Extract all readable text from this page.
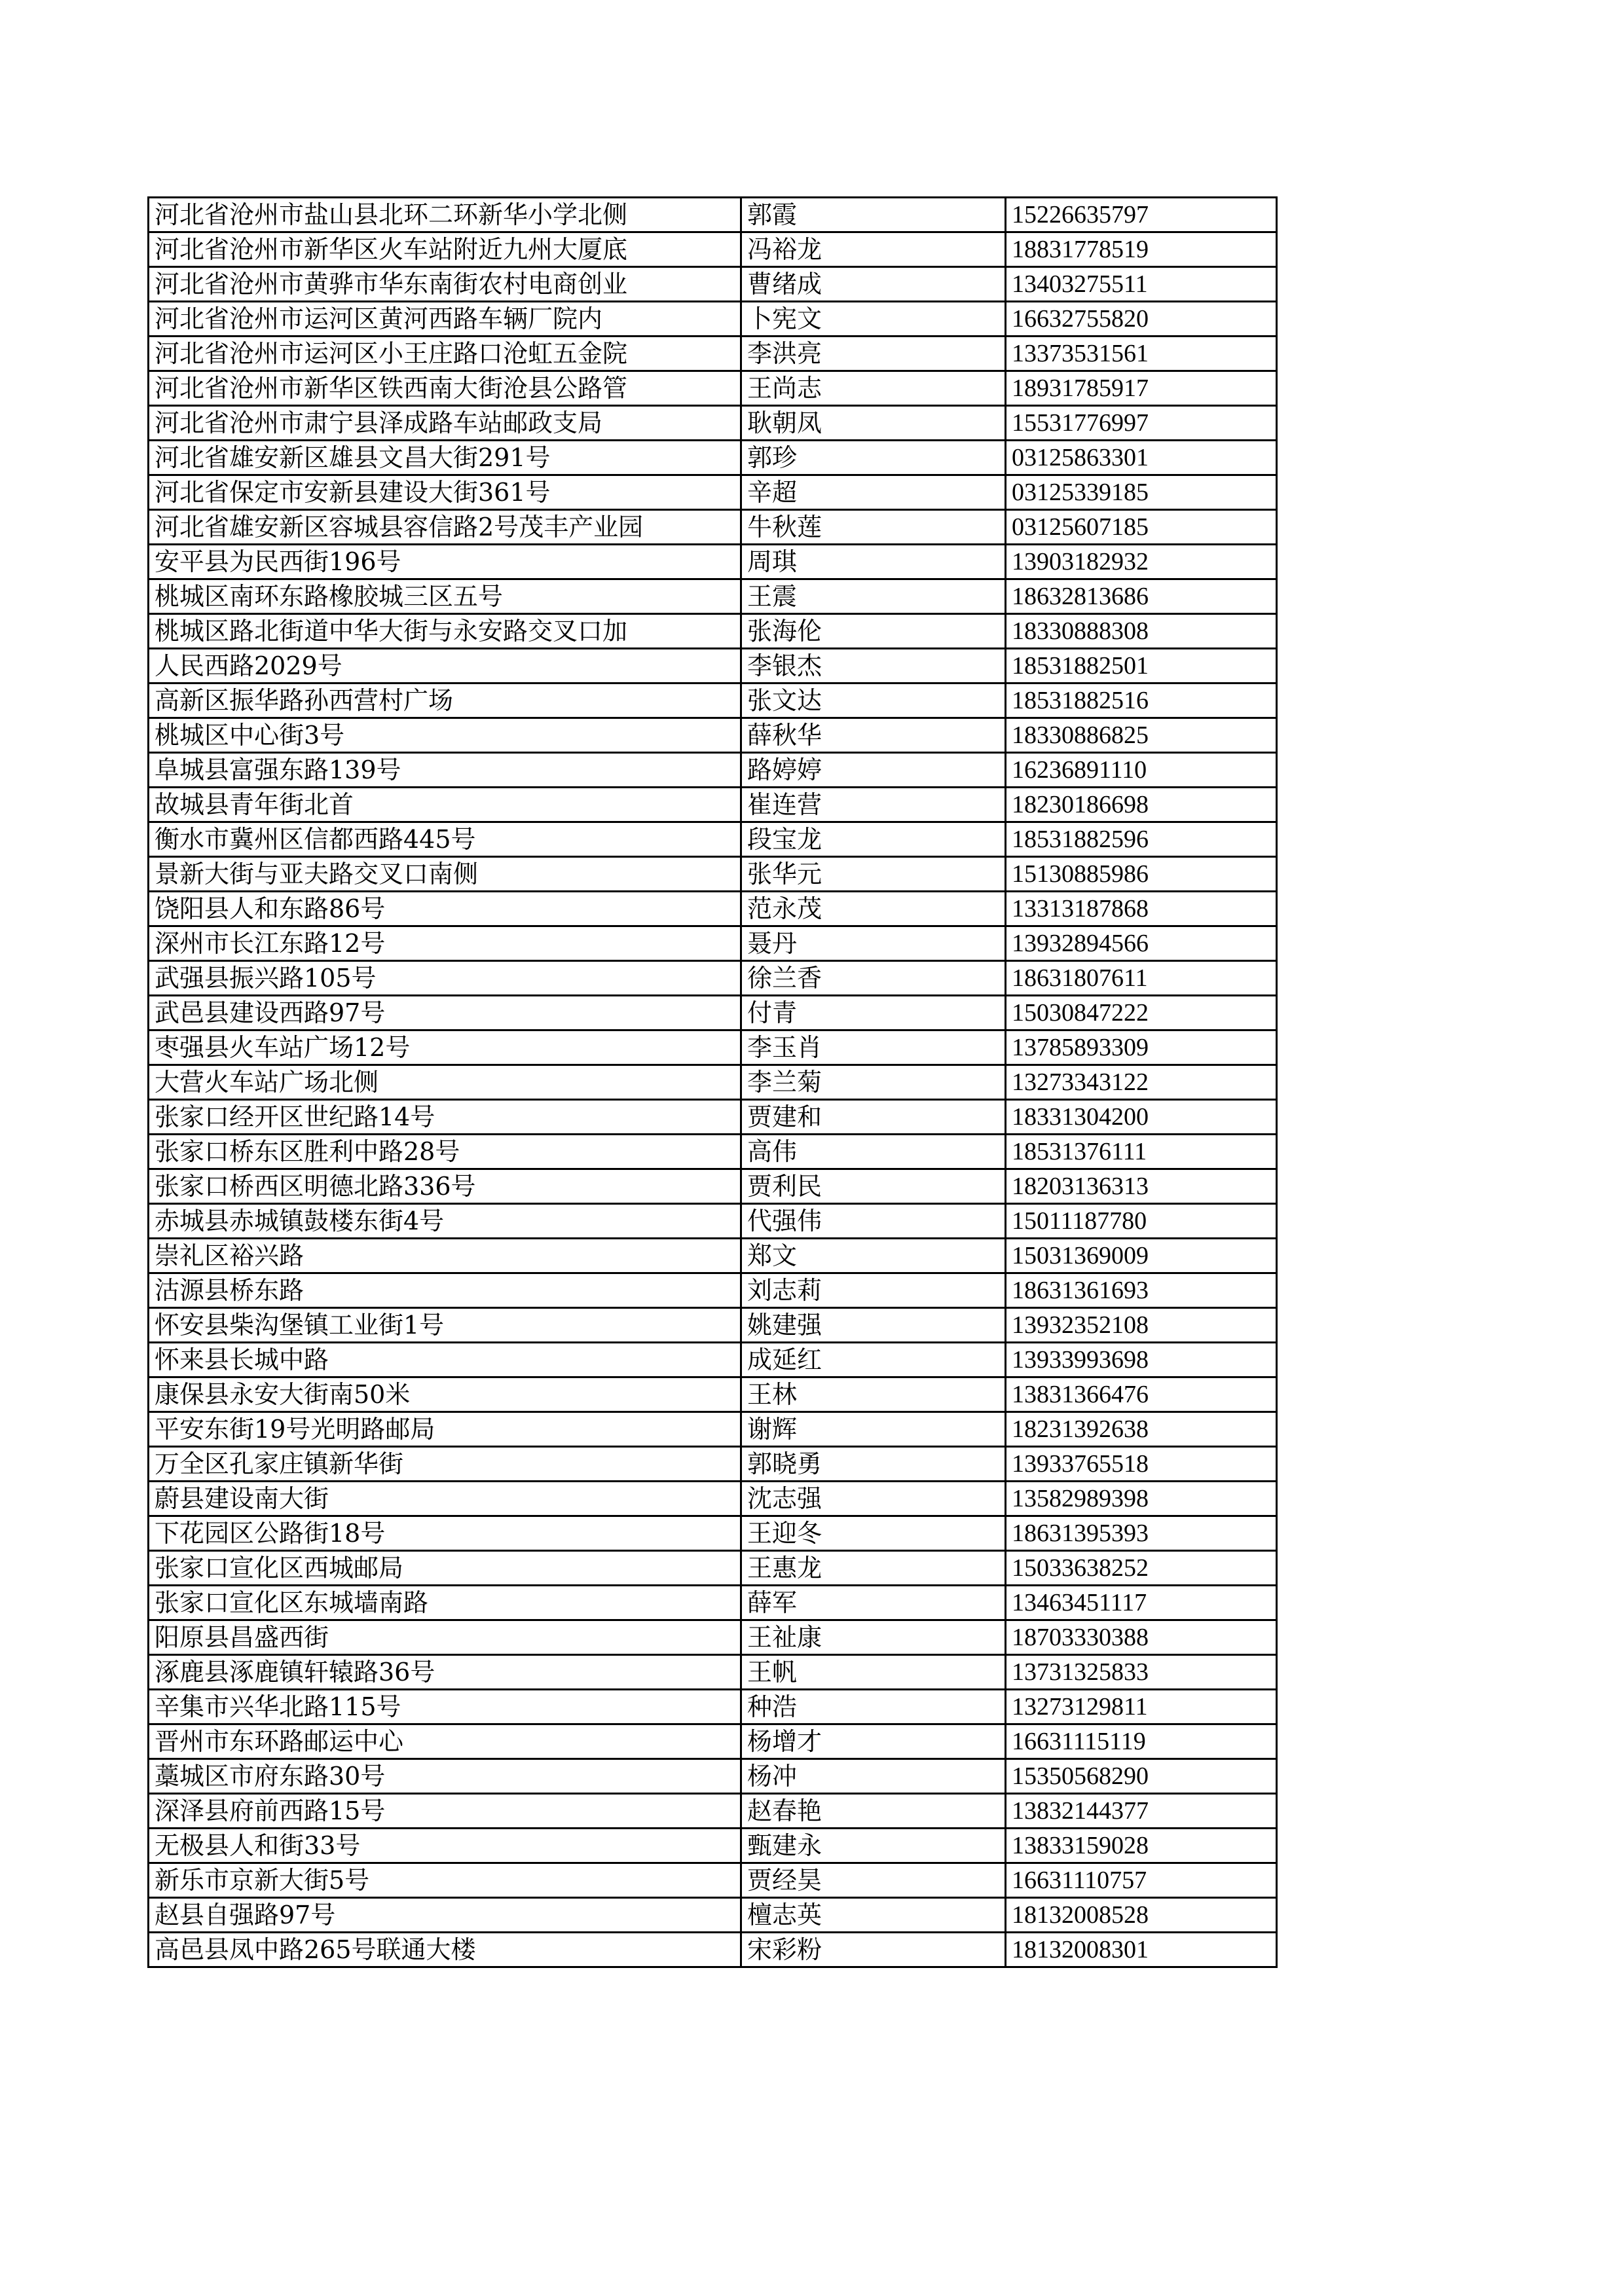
河北省沧州市盐山县北环二环新华小学北侧	郭霞	15226635797
河北省沧州市新华区火车站附近九州大厦底	冯裕龙	18831778519
河北省沧州市黄骅市华东南街农村电商创业	曹绪成	13403275511
河北省沧州市运河区黄河西路车辆厂院内	卜宪文	16632755820
河北省沧州市运河区小王庄路口沧虹五金院	李洪亮	13373531561
河北省沧州市新华区铁西南大街沧县公路管	王尚志	18931785917
河北省沧州市肃宁县泽成路车站邮政支局	耿朝凤	15531776997
河北省雄安新区雄县文昌大街291号	郭珍	03125863301
河北省保定市安新县建设大街361号	辛超	03125339185
河北省雄安新区容城县容信路2号茂丰产业园	牛秋莲	03125607185
安平县为民西街196号	周琪	13903182932
桃城区南环东路橡胶城三区五号	王震	18632813686
桃城区路北街道中华大街与永安路交叉口加	张海伦	18330888308
人民西路2029号	李银杰	18531882501
高新区振华路孙西营村广场	张文达	18531882516
桃城区中心街3号	薛秋华	18330886825
阜城县富强东路139号	路婷婷	16236891110
故城县青年街北首	崔连营	18230186698
衡水市冀州区信都西路445号	段宝龙	18531882596
景新大街与亚夫路交叉口南侧	张华元	15130885986
饶阳县人和东路86号	范永茂	13313187868
深州市长江东路12号	聂丹	13932894566
武强县振兴路105号	徐兰香	18631807611
武邑县建设西路97号	付青	15030847222
枣强县火车站广场12号	李玉肖	13785893309
大营火车站广场北侧	李兰菊	13273343122
张家口经开区世纪路14号	贾建和	18331304200
张家口桥东区胜利中路28号	高伟	18531376111
张家口桥西区明德北路336号	贾利民	18203136313
赤城县赤城镇鼓楼东街4号	代强伟	15011187780
崇礼区裕兴路	郑文	15031369009
沽源县桥东路	刘志莉	18631361693
怀安县柴沟堡镇工业街1号	姚建强	13932352108
怀来县长城中路	成延红	13933993698
康保县永安大街南50米	王林	13831366476
平安东街19号光明路邮局	谢辉	18231392638
万全区孔家庄镇新华街	郭晓勇	13933765518
蔚县建设南大街	沈志强	13582989398
下花园区公路街18号	王迎冬	18631395393
张家口宣化区西城邮局	王惠龙	15033638252
张家口宣化区东城墙南路	薛军	13463451117
阳原县昌盛西街	王祉康	18703330388
涿鹿县涿鹿镇轩辕路36号	王帆	13731325833
辛集市兴华北路115号	种浩	13273129811
晋州市东环路邮运中心	杨增才	16631115119
藁城区市府东路30号	杨冲	15350568290
深泽县府前西路15号	赵春艳	13832144377
无极县人和街33号	甄建永	13833159028
新乐市京新大街5号	贾经昊	16631110757
赵县自强路97号	檀志英	18132008528
高邑县凤中路265号联通大楼	宋彩粉	18132008301
